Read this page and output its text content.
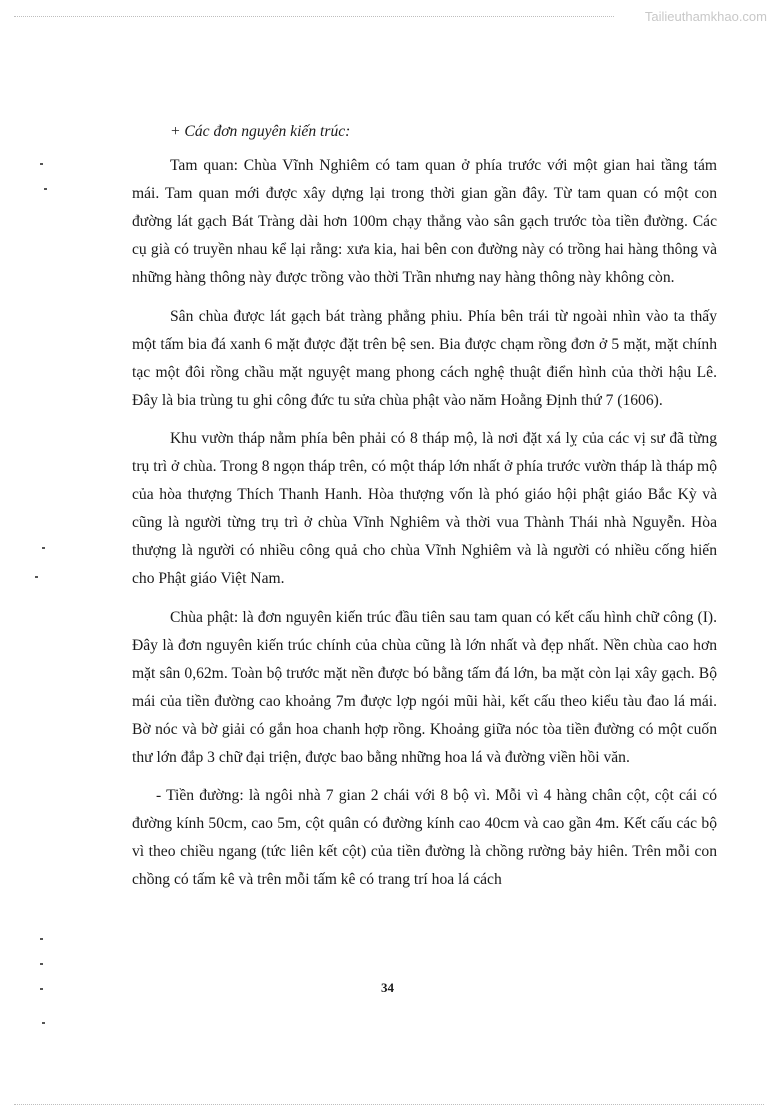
Tailieuthamkhao.com

+ Các đơn nguyên kiến trúc:

Tam quan: Chùa Vĩnh Nghiêm có tam quan ở phía trước với một gian hai tầng tám mái. Tam quan mới được xây dựng lại trong thời gian gần đây. Từ tam quan có một con đường lát gạch Bát Tràng dài hơn 100m chạy thẳng vào sân gạch trước tòa tiền đường. Các cụ già có truyền nhau kể lại rằng: xưa kia, hai bên con đường này có trồng hai hàng thông và những hàng thông này được trồng vào thời Trần nhưng nay hàng thông này không còn.

Sân chùa được lát gạch bát tràng phẳng phiu. Phía bên trái từ ngoài nhìn vào ta thấy một tấm bia đá xanh 6 mặt được đặt trên bệ sen. Bia được chạm rồng đơn ở 5 mặt, mặt chính tạc một đôi rồng chầu mặt nguyệt mang phong cách nghệ thuật điển hình của thời hậu Lê. Đây là bia trùng tu ghi công đức tu sửa chùa phật vào năm Hoằng Định thứ 7 (1606).

Khu vườn tháp nằm phía bên phải có 8 tháp mộ, là nơi đặt xá lỵ của các vị sư đã từng trụ trì ở chùa. Trong 8 ngọn tháp trên, có một tháp lớn nhất ở phía trước vườn tháp là tháp mộ của hòa thượng Thích Thanh Hanh. Hòa thượng vốn là phó giáo hội phật giáo Bắc Kỳ và cũng là người từng trụ trì ở chùa Vĩnh Nghiêm và thời vua Thành Thái nhà Nguyễn. Hòa thượng là người có nhiều công quả cho chùa Vĩnh Nghiêm và là người có nhiều cống hiến cho Phật giáo Việt Nam.

Chùa phật: là đơn nguyên kiến trúc đầu tiên sau tam quan có kết cấu hình chữ công (I). Đây là đơn nguyên kiến trúc chính của chùa cũng là lớn nhất và đẹp nhất. Nền chùa cao hơn mặt sân 0,62m. Toàn bộ trước mặt nền được bó bằng tấm đá lớn, ba mặt còn lại xây gạch. Bộ mái của tiền đường cao khoảng 7m được lợp ngói mũi hài, kết cấu theo kiểu tàu đao lá mái. Bờ nóc và bờ giải có gắn hoa chanh hợp rồng. Khoảng giữa nóc tòa tiền đường có một cuốn thư lớn đắp 3 chữ đại triện, được bao bằng những hoa lá và đường viền hồi văn.

- Tiền đường: là ngôi nhà 7 gian 2 chái với 8 bộ vì. Mỗi vì 4 hàng chân cột, cột cái có đường kính 50cm, cao 5m, cột quân có đường kính cao 40cm và cao gần 4m. Kết cấu các bộ vì theo chiều ngang (tức liên kết cột) của tiền đường là chồng rường bảy hiên. Trên mỗi con chồng có tấm kê và trên mỗi tấm kê có trang trí hoa lá cách

34
